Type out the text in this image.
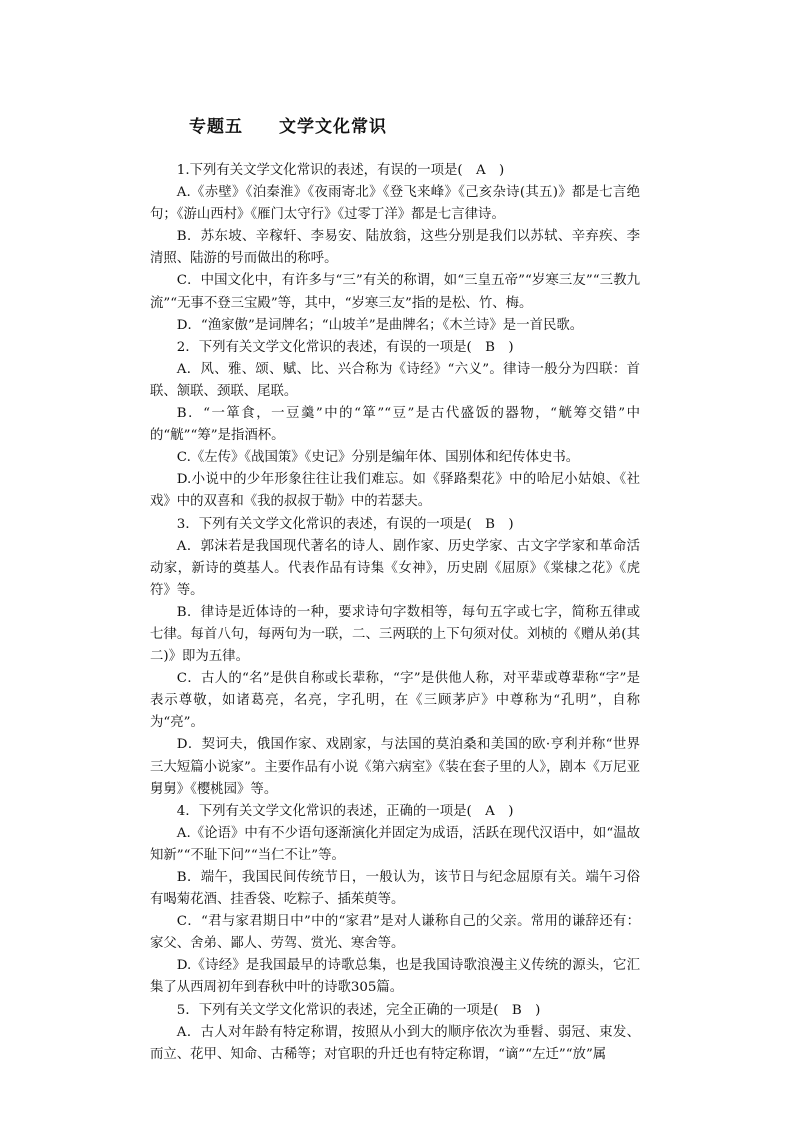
专题五　　文学文化常识

1.下列有关文学文化常识的表述，有误的一项是(　A　)

A.《赤壁》《泊秦淮》《夜雨寄北》《登飞来峰》《己亥杂诗(其五)》都是七言绝句；《游山西村》《雁门太守行》《过零丁洋》都是七言律诗。

B．苏东坡、辛稼轩、李易安、陆放翁，这些分别是我们以苏轼、辛弃疾、李清照、陆游的号而做出的称呼。

C．中国文化中，有许多与“三”有关的称谓，如“三皇五帝”“岁寒三友”“三教九流”“无事不登三宝殿”等，其中，“岁寒三友”指的是松、竹、梅。

D．“渔家傲”是词牌名；“山坡羊”是曲牌名；《木兰诗》是一首民歌。

2．下列有关文学文化常识的表述，有误的一项是(　B　)

A．风、雅、颂、赋、比、兴合称为《诗经》“六义”。律诗一般分为四联：首联、颔联、颈联、尾联。

B．“一箪食，一豆羹”中的“箪”“豆”是古代盛饭的器物，“觥筹交错”中的“觥”“筹”是指酒杯。

C.《左传》《战国策》《史记》分别是编年体、国别体和纪传体史书。

D.小说中的少年形象往往让我们难忘。如《驿路梨花》中的哈尼小姑娘、《社戏》中的双喜和《我的叔叔于勒》中的若瑟夫。

3．下列有关文学文化常识的表述，有误的一项是(　B　)

A．郭沫若是我国现代著名的诗人、剧作家、历史学家、古文字学家和革命活动家，新诗的奠基人。代表作品有诗集《女神》，历史剧《屈原》《棠棣之花》《虎符》等。

B．律诗是近体诗的一种，要求诗句字数相等，每句五字或七字，简称五律或七律。每首八句，每两句为一联，二、三两联的上下句须对仗。刘桢的《赠从弟(其二)》即为五律。

C．古人的“名”是供自称或长辈称，“字”是供他人称，对平辈或尊辈称“字”是表示尊敬，如诸葛亮，名亮，字孔明，在《三顾茅庐》中尊称为“孔明”，自称为“亮”。

D．契诃夫，俄国作家、戏剧家，与法国的莫泊桑和美国的欧·亨利并称“世界三大短篇小说家”。主要作品有小说《第六病室》《装在套子里的人》，剧本《万尼亚舅舅》《樱桃园》等。

4．下列有关文学文化常识的表述，正确的一项是(　A　)

A.《论语》中有不少语句逐渐演化并固定为成语，活跃在现代汉语中，如“温故知新”“不耻下问”“当仁不让”等。

B．端午，我国民间传统节日，一般认为，该节日与纪念屈原有关。端午习俗有喝菊花酒、挂香袋、吃粽子、插茱萸等。

C．“君与家君期日中”中的“家君”是对人谦称自己的父亲。常用的谦辞还有：家父、舍弟、鄙人、劳驾、赏光、寒舍等。

D.《诗经》是我国最早的诗歌总集，也是我国诗歌浪漫主义传统的源头，它汇集了从西周初年到春秋中叶的诗歌305篇。

5．下列有关文学文化常识的表述，完全正确的一项是(　B　)

A．古人对年龄有特定称谓，按照从小到大的顺序依次为垂髫、弱冠、束发、而立、花甲、知命、古稀等；对官职的升迁也有特定称谓，“谪”“左迁”“放”属
